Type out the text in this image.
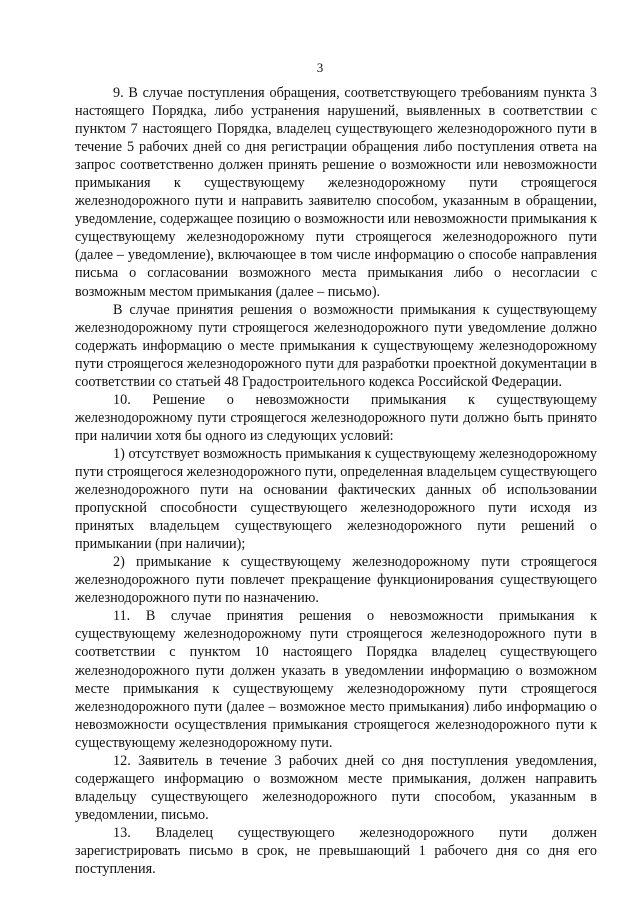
3

9. В случае поступления обращения, соответствующего требованиям пункта 3 настоящего Порядка, либо устранения нарушений, выявленных в соответствии с пунктом 7 настоящего Порядка, владелец существующего железнодорожного пути в течение 5 рабочих дней со дня регистрации обращения либо поступления ответа на запрос соответственно должен принять решение о возможности или невозможности примыкания к существующему железнодорожному пути строящегося железнодорожного пути и направить заявителю способом, указанным в обращении, уведомление, содержащее позицию о возможности или невозможности примыкания к существующему железнодорожному пути строящегося железнодорожного пути (далее – уведомление), включающее в том числе информацию о способе направления письма о согласовании возможного места примыкания либо о несогласии с возможным местом примыкания (далее – письмо).

В случае принятия решения о возможности примыкания к существующему железнодорожному пути строящегося железнодорожного пути уведомление должно содержать информацию о месте примыкания к существующему железнодорожному пути строящегося железнодорожного пути для разработки проектной документации в соответствии со статьей 48 Градостроительного кодекса Российской Федерации.

10. Решение о невозможности примыкания к существующему железнодорожному пути строящегося железнодорожного пути должно быть принято при наличии хотя бы одного из следующих условий:

1) отсутствует возможность примыкания к существующему железнодорожному пути строящегося железнодорожного пути, определенная владельцем существующего железнодорожного пути на основании фактических данных об использовании пропускной способности существующего железнодорожного пути исходя из принятых владельцем существующего железнодорожного пути решений о примыкании (при наличии);

2) примыкание к существующему железнодорожному пути строящегося железнодорожного пути повлечет прекращение функционирования существующего железнодорожного пути по назначению.

11. В случае принятия решения о невозможности примыкания к существующему железнодорожному пути строящегося железнодорожного пути в соответствии с пунктом 10 настоящего Порядка владелец существующего железнодорожного пути должен указать в уведомлении информацию о возможном месте примыкания к существующему железнодорожному пути строящегося железнодорожного пути (далее – возможное место примыкания) либо информацию о невозможности осуществления примыкания строящегося железнодорожного пути к существующему железнодорожному пути.

12. Заявитель в течение 3 рабочих дней со дня поступления уведомления, содержащего информацию о возможном месте примыкания, должен направить владельцу существующего железнодорожного пути способом, указанным в уведомлении, письмо.

13. Владелец существующего железнодорожного пути должен зарегистрировать письмо в срок, не превышающий 1 рабочего дня со дня его поступления.
